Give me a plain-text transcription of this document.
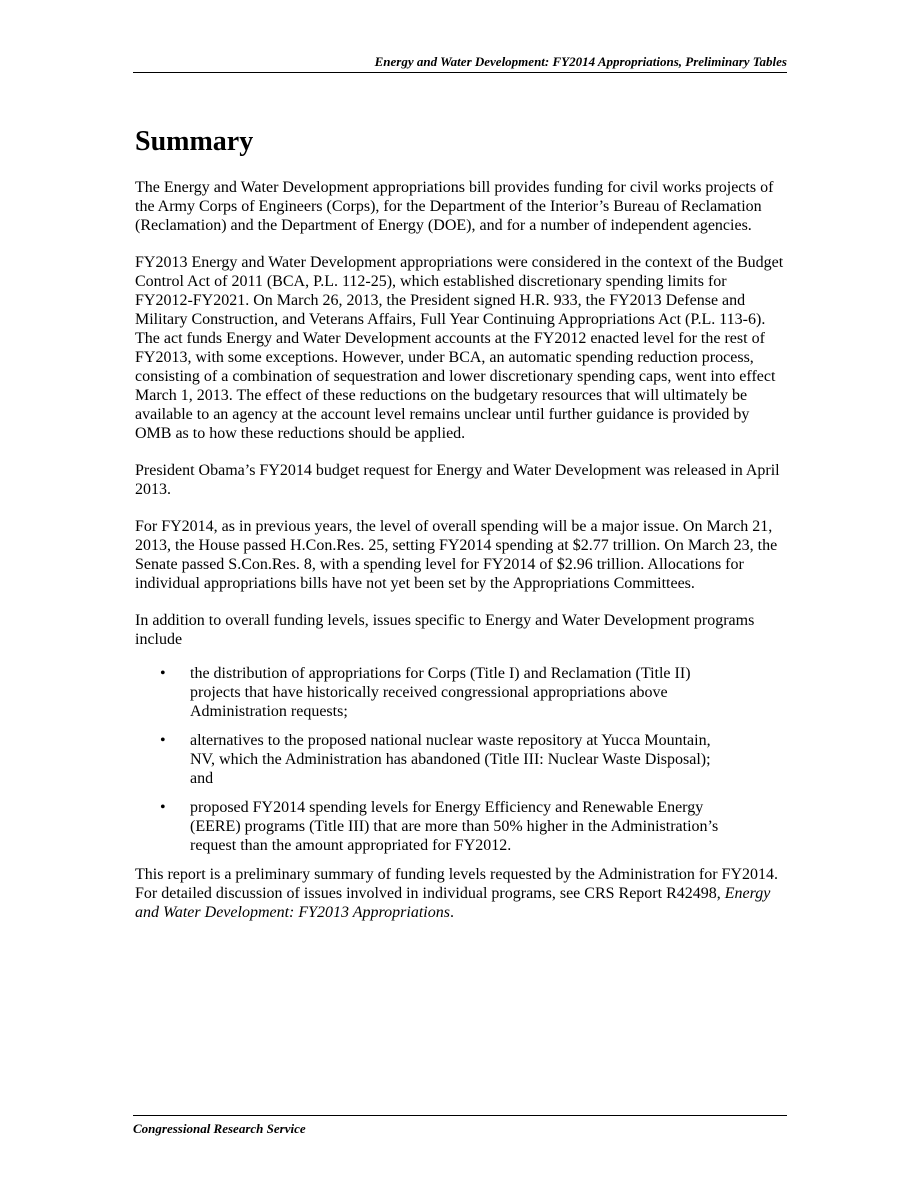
Energy and Water Development: FY2014 Appropriations, Preliminary Tables
Summary

The Energy and Water Development appropriations bill provides funding for civil works projects of the Army Corps of Engineers (Corps), for the Department of the Interior’s Bureau of Reclamation (Reclamation) and the Department of Energy (DOE), and for a number of independent agencies.

FY2013 Energy and Water Development appropriations were considered in the context of the Budget Control Act of 2011 (BCA, P.L. 112-25), which established discretionary spending limits for FY2012-FY2021. On March 26, 2013, the President signed H.R. 933, the FY2013 Defense and Military Construction, and Veterans Affairs, Full Year Continuing Appropriations Act (P.L. 113-6). The act funds Energy and Water Development accounts at the FY2012 enacted level for the rest of FY2013, with some exceptions. However, under BCA, an automatic spending reduction process, consisting of a combination of sequestration and lower discretionary spending caps, went into effect March 1, 2013. The effect of these reductions on the budgetary resources that will ultimately be available to an agency at the account level remains unclear until further guidance is provided by OMB as to how these reductions should be applied.

President Obama’s FY2014 budget request for Energy and Water Development was released in April 2013.

For FY2014, as in previous years, the level of overall spending will be a major issue. On March 21, 2013, the House passed H.Con.Res. 25, setting FY2014 spending at $2.77 trillion. On March 23, the Senate passed S.Con.Res. 8, with a spending level for FY2014 of $2.96 trillion. Allocations for individual appropriations bills have not yet been set by the Appropriations Committees.

In addition to overall funding levels, issues specific to Energy and Water Development programs include

• the distribution of appropriations for Corps (Title I) and Reclamation (Title II) projects that have historically received congressional appropriations above Administration requests;
• alternatives to the proposed national nuclear waste repository at Yucca Mountain, NV, which the Administration has abandoned (Title III: Nuclear Waste Disposal); and
• proposed FY2014 spending levels for Energy Efficiency and Renewable Energy (EERE) programs (Title III) that are more than 50% higher in the Administration’s request than the amount appropriated for FY2012.

This report is a preliminary summary of funding levels requested by the Administration for FY2014. For detailed discussion of issues involved in individual programs, see CRS Report R42498, Energy and Water Development: FY2013 Appropriations.

Congressional Research Service
